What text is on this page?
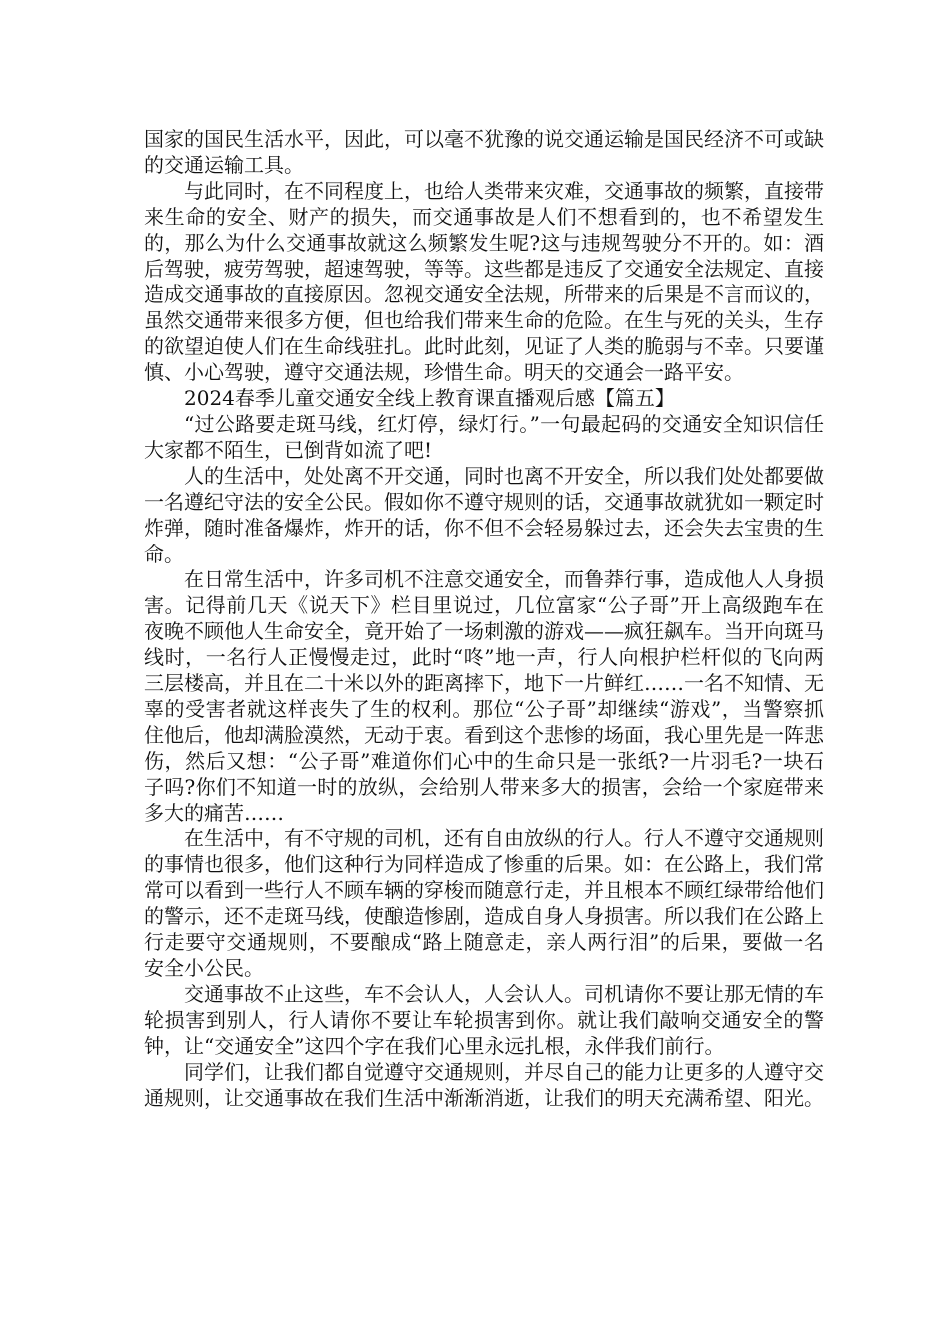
国家的国民生活水平，因此，可以毫不犹豫的说交通运输是国民经济不可或缺的交通运输工具。

与此同时，在不同程度上，也给人类带来灾难，交通事故的频繁，直接带来生命的安全、财产的损失，而交通事故是人们不想看到的，也不希望发生的，那么为什么交通事故就这么频繁发生呢?这与违规驾驶分不开的。如：酒后驾驶，疲劳驾驶，超速驾驶，等等。这些都是违反了交通安全法规定、直接造成交通事故的直接原因。忽视交通安全法规，所带来的后果是不言而议的，虽然交通带来很多方便，但也给我们带来生命的危险。在生与死的关头，生存的欲望迫使人们在生命线驻扎。此时此刻，见证了人类的脆弱与不幸。只要谨慎、小心驾驶，遵守交通法规，珍惜生命。明天的交通会一路平安。

2024春季儿童交通安全线上教育课直播观后感【篇五】

“过公路要走斑马线，红灯停，绿灯行。”一句最起码的交通安全知识信任大家都不陌生，已倒背如流了吧!

人的生活中，处处离不开交通，同时也离不开安全，所以我们处处都要做一名遵纪守法的安全公民。假如你不遵守规则的话，交通事故就犹如一颗定时炸弹，随时准备爆炸，炸开的话，你不但不会轻易躲过去，还会失去宝贵的生命。

在日常生活中，许多司机不注意交通安全，而鲁莽行事，造成他人人身损害。记得前几天《说天下》栏目里说过，几位富家“公子哥”开上高级跑车在夜晚不顾他人生命安全，竟开始了一场刺激的游戏——疯狂飙车。当开向斑马线时，一名行人正慢慢走过，此时“咚”地一声，行人向根护栏杆似的飞向两三层楼高，并且在二十米以外的距离摔下，地下一片鲜红……一名不知情、无辜的受害者就这样丧失了生的权利。那位“公子哥”却继续“游戏”，当警察抓住他后，他却满脸漠然，无动于衷。看到这个悲惨的场面，我心里先是一阵悲伤，然后又想：“公子哥”难道你们心中的生命只是一张纸?一片羽毛?一块石子吗?你们不知道一时的放纵，会给别人带来多大的损害，会给一个家庭带来多大的痛苦……

在生活中，有不守规的司机，还有自由放纵的行人。行人不遵守交通规则的事情也很多，他们这种行为同样造成了惨重的后果。如：在公路上，我们常常可以看到一些行人不顾车辆的穿梭而随意行走，并且根本不顾红绿带给他们的警示，还不走斑马线，使酿造惨剧，造成自身人身损害。所以我们在公路上行走要守交通规则，不要酿成“路上随意走，亲人两行泪”的后果，要做一名安全小公民。

交通事故不止这些，车不会认人，人会认人。司机请你不要让那无情的车轮损害到别人，行人请你不要让车轮损害到你。就让我们敲响交通安全的警钟，让“交通安全”这四个字在我们心里永远扎根，永伴我们前行。

同学们，让我们都自觉遵守交通规则，并尽自己的能力让更多的人遵守交通规则，让交通事故在我们生活中渐渐消逝，让我们的明天充满希望、阳光。
